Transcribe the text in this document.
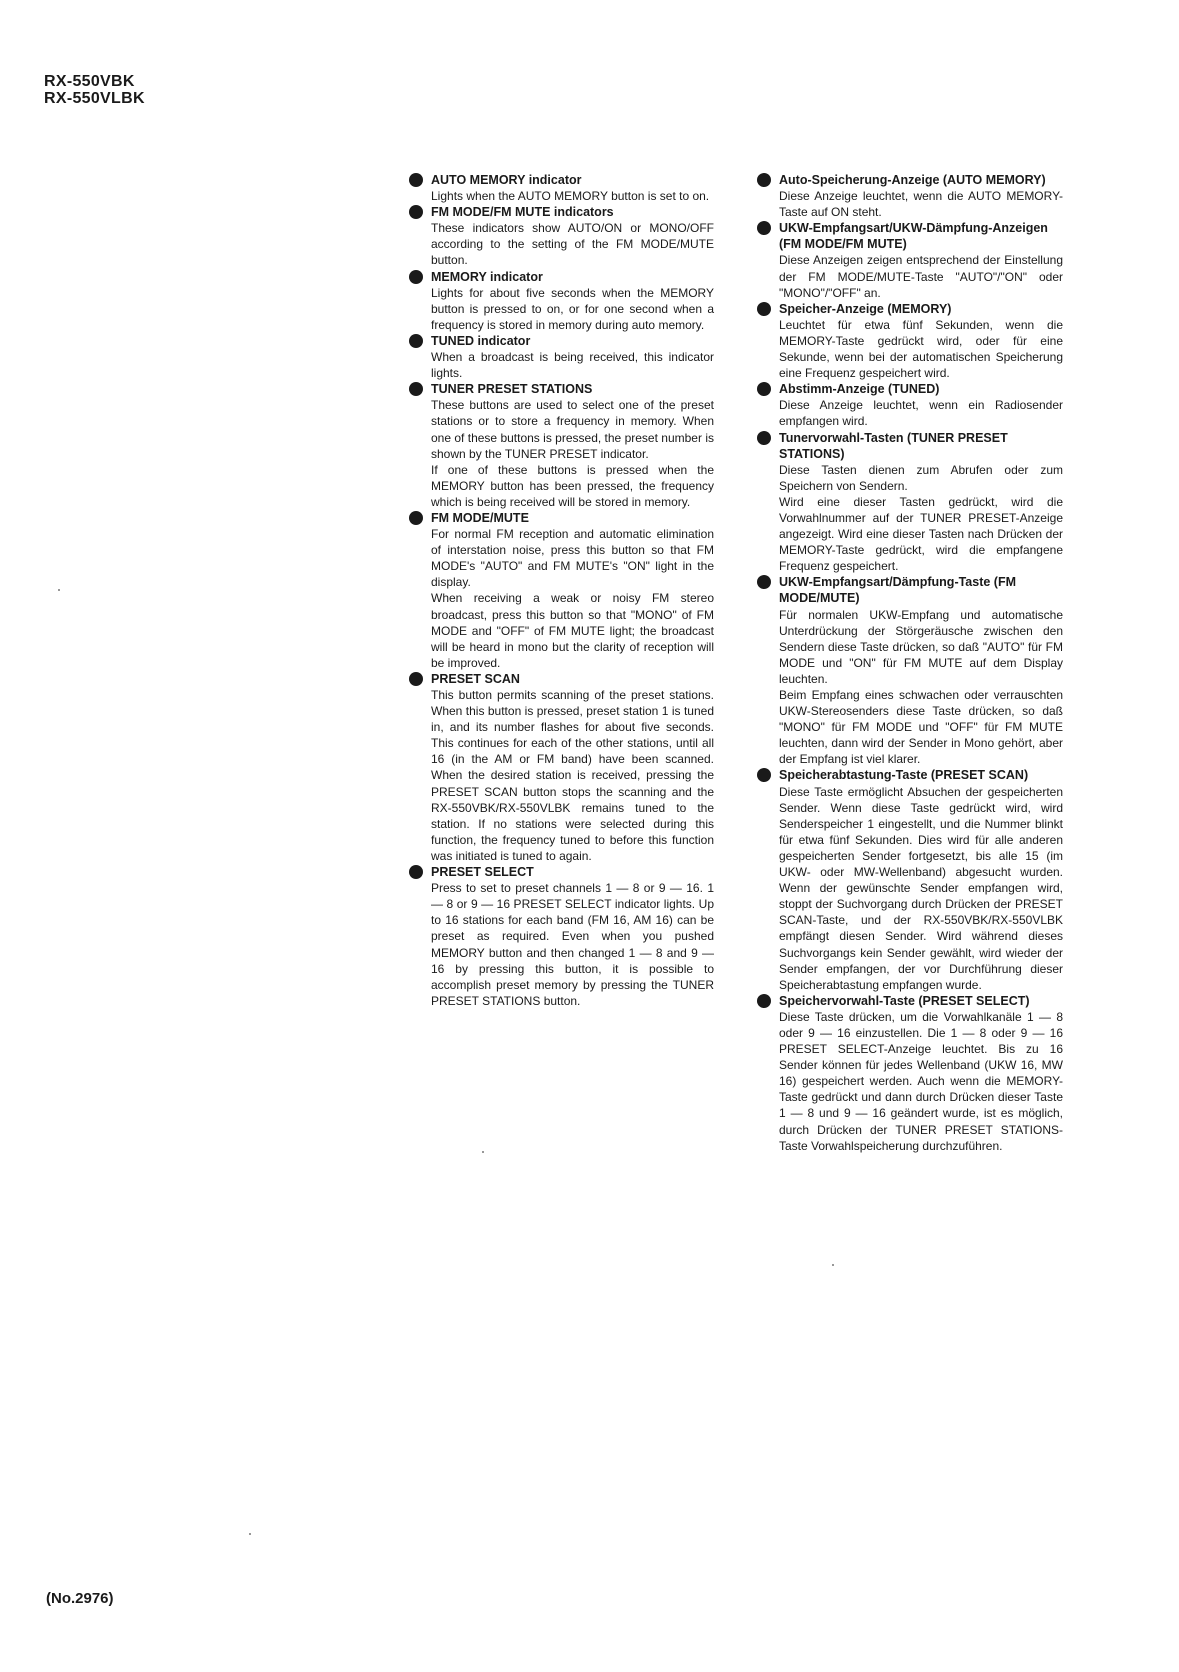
RX-550VBK
RX-550VLBK
AUTO MEMORY indicator

Lights when the AUTO MEMORY button is set to on.

FM MODE/FM MUTE indicators

These indicators show AUTO/ON or MONO/OFF according to the setting of the FM MODE/MUTE button.

MEMORY indicator

Lights for about five seconds when the MEMORY button is pressed to on, or for one second when a frequency is stored in memory during auto memory.

TUNED indicator

When a broadcast is being received, this indicator lights.

TUNER PRESET STATIONS

These buttons are used to select one of the preset stations or to store a frequency in memory. When one of these buttons is pressed, the preset number is shown by the TUNER PRESET indicator.

If one of these buttons is pressed when the MEMORY button has been pressed, the frequency which is being received will be stored in memory.

FM MODE/MUTE

For normal FM reception and automatic elimination of interstation noise, press this button so that FM MODE's "AUTO" and FM MUTE's "ON" light in the display.

When receiving a weak or noisy FM stereo broadcast, press this button so that "MONO" of FM MODE and "OFF" of FM MUTE light; the broadcast will be heard in mono but the clarity of reception will be improved.

PRESET SCAN

This button permits scanning of the preset stations. When this button is pressed, preset station 1 is tuned in, and its number flashes for about five seconds. This continues for each of the other stations, until all 16 (in the AM or FM band) have been scanned. When the desired station is received, pressing the PRESET SCAN button stops the scanning and the RX-550VBK/RX-550VLBK remains tuned to the station. If no stations were selected during this function, the frequency tuned to before this function was initiated is tuned to again.

PRESET SELECT

Press to set to preset channels 1 — 8 or 9 — 16. 1 — 8 or 9 — 16 PRESET SELECT indicator lights. Up to 16 stations for each band (FM 16, AM 16) can be preset as required. Even when you pushed MEMORY button and then changed 1 — 8 and 9 — 16 by pressing this button, it is possible to accomplish preset memory by pressing the TUNER PRESET STATIONS button.

Auto-Speicherung-Anzeige (AUTO MEMORY)

Diese Anzeige leuchtet, wenn die AUTO MEMORY-Taste auf ON steht.

UKW-Empfangsart/UKW-Dämpfung-Anzeigen (FM MODE/FM MUTE)

Diese Anzeigen zeigen entsprechend der Einstellung der FM MODE/MUTE-Taste "AUTO"/"ON" oder "MONO"/"OFF" an.

Speicher-Anzeige (MEMORY)

Leuchtet für etwa fünf Sekunden, wenn die MEMORY-Taste gedrückt wird, oder für eine Sekunde, wenn bei der automatischen Speicherung eine Frequenz gespeichert wird.

Abstimm-Anzeige (TUNED)

Diese Anzeige leuchtet, wenn ein Radiosender empfangen wird.

Tunervorwahl-Tasten (TUNER PRESET STATIONS)

Diese Tasten dienen zum Abrufen oder zum Speichern von Sendern.

Wird eine dieser Tasten gedrückt, wird die Vorwahlnummer auf der TUNER PRESET-Anzeige angezeigt. Wird eine dieser Tasten nach Drücken der MEMORY-Taste gedrückt, wird die empfangene Frequenz gespeichert.

UKW-Empfangsart/Dämpfung-Taste (FM MODE/MUTE)

Für normalen UKW-Empfang und automatische Unterdrückung der Störgeräusche zwischen den Sendern diese Taste drücken, so daß "AUTO" für FM MODE und "ON" für FM MUTE auf dem Display leuchten.

Beim Empfang eines schwachen oder verrauschten UKW-Stereosenders diese Taste drücken, so daß "MONO" für FM MODE und "OFF" für FM MUTE leuchten, dann wird der Sender in Mono gehört, aber der Empfang ist viel klarer.

Speicherabtastung-Taste (PRESET SCAN)

Diese Taste ermöglicht Absuchen der gespeicherten Sender. Wenn diese Taste gedrückt wird, wird Senderspeicher 1 eingestellt, und die Nummer blinkt für etwa fünf Sekunden. Dies wird für alle anderen gespeicherten Sender fortgesetzt, bis alle 15 (im UKW- oder MW-Wellenband) abgesucht wurden. Wenn der gewünschte Sender empfangen wird, stoppt der Suchvorgang durch Drücken der PRESET SCAN-Taste, und der RX-550VBK/RX-550VLBK empfängt diesen Sender. Wird während dieses Suchvorgangs kein Sender gewählt, wird wieder der Sender empfangen, der vor Durchführung dieser Speicherabtastung empfangen wurde.

Speichervorwahl-Taste (PRESET SELECT)

Diese Taste drücken, um die Vorwahlkanäle 1 — 8 oder 9 — 16 einzustellen. Die 1 — 8 oder 9 — 16 PRESET SELECT-Anzeige leuchtet. Bis zu 16 Sender können für jedes Wellenband (UKW 16, MW 16) gespeichert werden. Auch wenn die MEMORY-Taste gedrückt und dann durch Drücken dieser Taste 1 — 8 und 9 — 16 geändert wurde, ist es möglich, durch Drücken der TUNER PRESET STATIONS-Taste Vorwahlspeicherung durchzuführen.

(No.2976)
